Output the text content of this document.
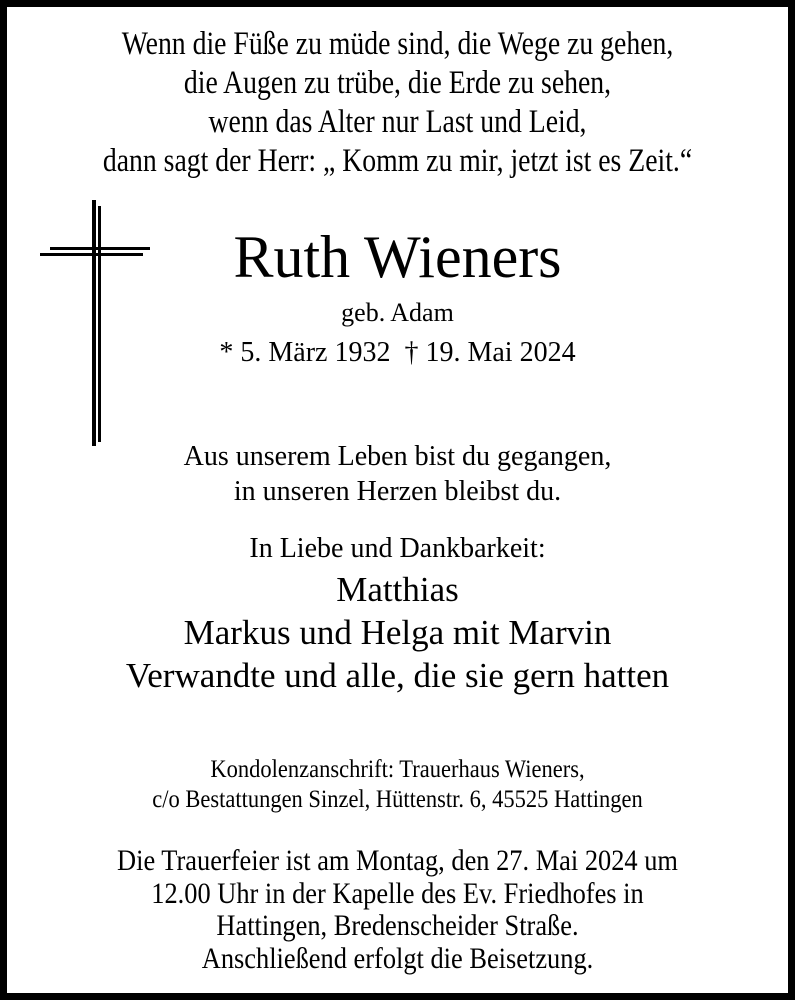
Wenn die Füße zu müde sind, die Wege zu gehen,
die Augen zu trübe, die Erde zu sehen,
wenn das Alter nur Last und Leid,
dann sagt der Herr: „ Komm zu mir, jetzt ist es Zeit.“
Ruth Wieners
geb. Adam
* 5. März 1932  † 19. Mai 2024
Aus unserem Leben bist du gegangen,
in unseren Herzen bleibst du.
In Liebe und Dankbarkeit:
Matthias
Markus und Helga mit Marvin
Verwandte und alle, die sie gern hatten
Kondolenzanschrift: Trauerhaus Wieners,
c/o Bestattungen Sinzel, Hüttenstr. 6, 45525 Hattingen
Die Trauerfeier ist am Montag, den 27. Mai 2024 um
12.00 Uhr in der Kapelle des Ev. Friedhofes in
Hattingen, Bredenscheider Straße.
Anschließend erfolgt die Beisetzung.
